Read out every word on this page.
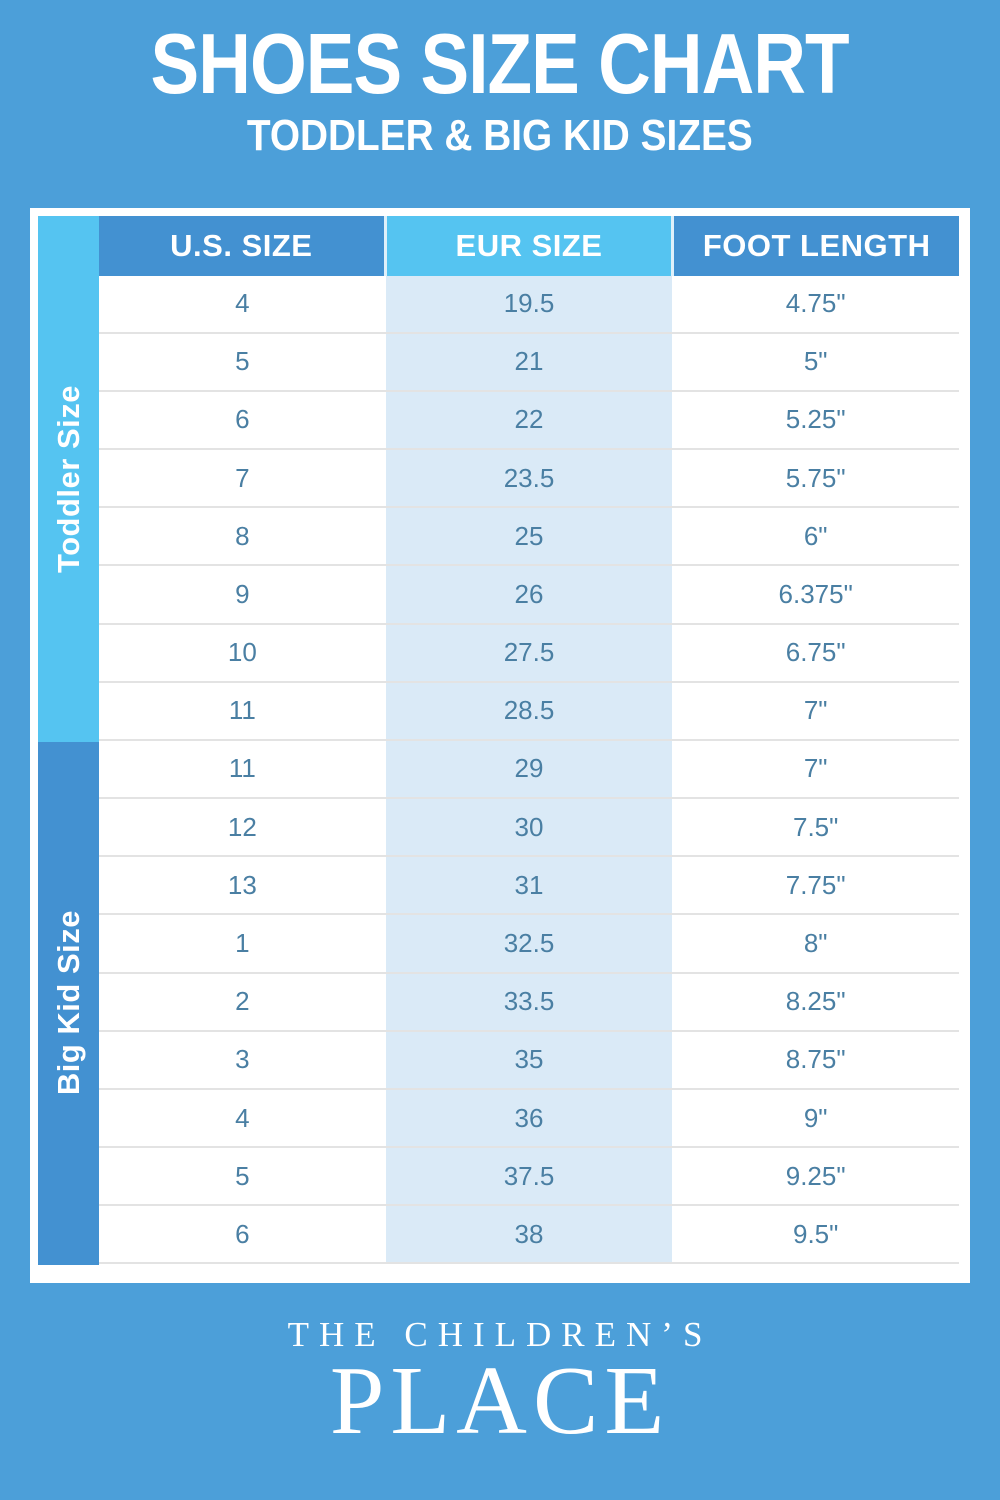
SHOES SIZE CHART
TODDLER & BIG KID SIZES
Toddler Size
Big Kid Size
U.S. SIZE	EUR SIZE	FOOT LENGTH
4	19.5	4.75"
5	21	5"
6	22	5.25"
7	23.5	5.75"
8	25	6"
9	26	6.375"
10	27.5	6.75"
11	28.5	7"
11	29	7"
12	30	7.5"
13	31	7.75"
1	32.5	8"
2	33.5	8.25"
3	35	8.75"
4	36	9"
5	37.5	9.25"
6	38	9.5"
THE CHILDREN’S
PLACE
